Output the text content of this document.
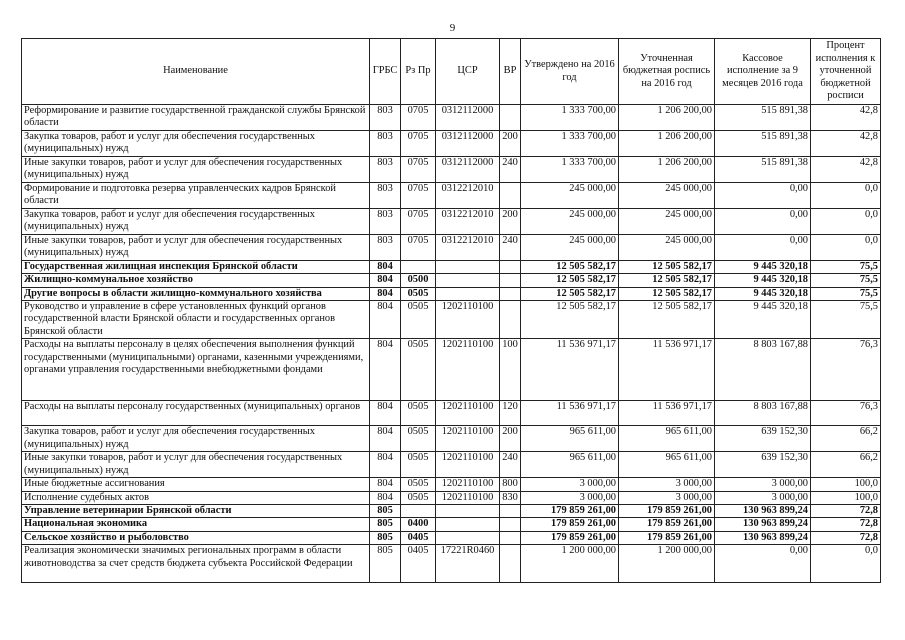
9
Наименование	ГРБС	Рз Пр	ЦСР	ВР	Утверждено на 2016 год	Уточненная бюджетная роспись на 2016 год	Кассовое исполнение за 9 месяцев 2016 года	Процент исполнения к уточненной бюджетной росписи
Реформирование и развитие государственной гражданской службы Брянской области	803	0705	0312112000		1 333 700,00	1 206 200,00	515 891,38	42,8
Закупка товаров, работ и услуг для обеспечения государственных (муниципальных) нужд	803	0705	0312112000	200	1 333 700,00	1 206 200,00	515 891,38	42,8
Иные закупки товаров, работ и услуг для обеспечения государственных (муниципальных) нужд	803	0705	0312112000	240	1 333 700,00	1 206 200,00	515 891,38	42,8
Формирование и подготовка резерва управленческих кадров Брянской области	803	0705	0312212010		245 000,00	245 000,00	0,00	0,0
Закупка товаров, работ и услуг для обеспечения государственных (муниципальных) нужд	803	0705	0312212010	200	245 000,00	245 000,00	0,00	0,0
Иные закупки товаров, работ и услуг для обеспечения государственных (муниципальных) нужд	803	0705	0312212010	240	245 000,00	245 000,00	0,00	0,0
Государственная жилищная инспекция Брянской области	804				12 505 582,17	12 505 582,17	9 445 320,18	75,5
Жилищно-коммунальное хозяйство	804	0500			12 505 582,17	12 505 582,17	9 445 320,18	75,5
Другие вопросы в области жилищно-коммунального хозяйства	804	0505			12 505 582,17	12 505 582,17	9 445 320,18	75,5
Руководство и управление в сфере установленных функций органов государственной власти Брянской области и государственных органов Брянской области	804	0505	1202110100		12 505 582,17	12 505 582,17	9 445 320,18	75,5
Расходы на выплаты персоналу в целях обеспечения выполнения функций государственными (муниципальными) органами, казенными учреждениями, органами управления государственными внебюджетными фондами	804	0505	1202110100	100	11 536 971,17	11 536 971,17	8 803 167,88	76,3
Расходы на выплаты персоналу государственных (муниципальных) органов	804	0505	1202110100	120	11 536 971,17	11 536 971,17	8 803 167,88	76,3
Закупка товаров, работ и услуг для обеспечения государственных (муниципальных) нужд	804	0505	1202110100	200	965 611,00	965 611,00	639 152,30	66,2
Иные закупки товаров, работ и услуг для обеспечения государственных (муниципальных) нужд	804	0505	1202110100	240	965 611,00	965 611,00	639 152,30	66,2
Иные бюджетные ассигнования	804	0505	1202110100	800	3 000,00	3 000,00	3 000,00	100,0
Исполнение судебных актов	804	0505	1202110100	830	3 000,00	3 000,00	3 000,00	100,0
Управление ветеринарии Брянской области	805				179 859 261,00	179 859 261,00	130 963 899,24	72,8
Национальная экономика	805	0400			179 859 261,00	179 859 261,00	130 963 899,24	72,8
Сельское хозяйство и рыболовство	805	0405			179 859 261,00	179 859 261,00	130 963 899,24	72,8
Реализация экономически значимых региональных программ в области животноводства за счет средств бюджета субъекта Российской Федерации	805	0405	17221R0460		1 200 000,00	1 200 000,00	0,00	0,0
